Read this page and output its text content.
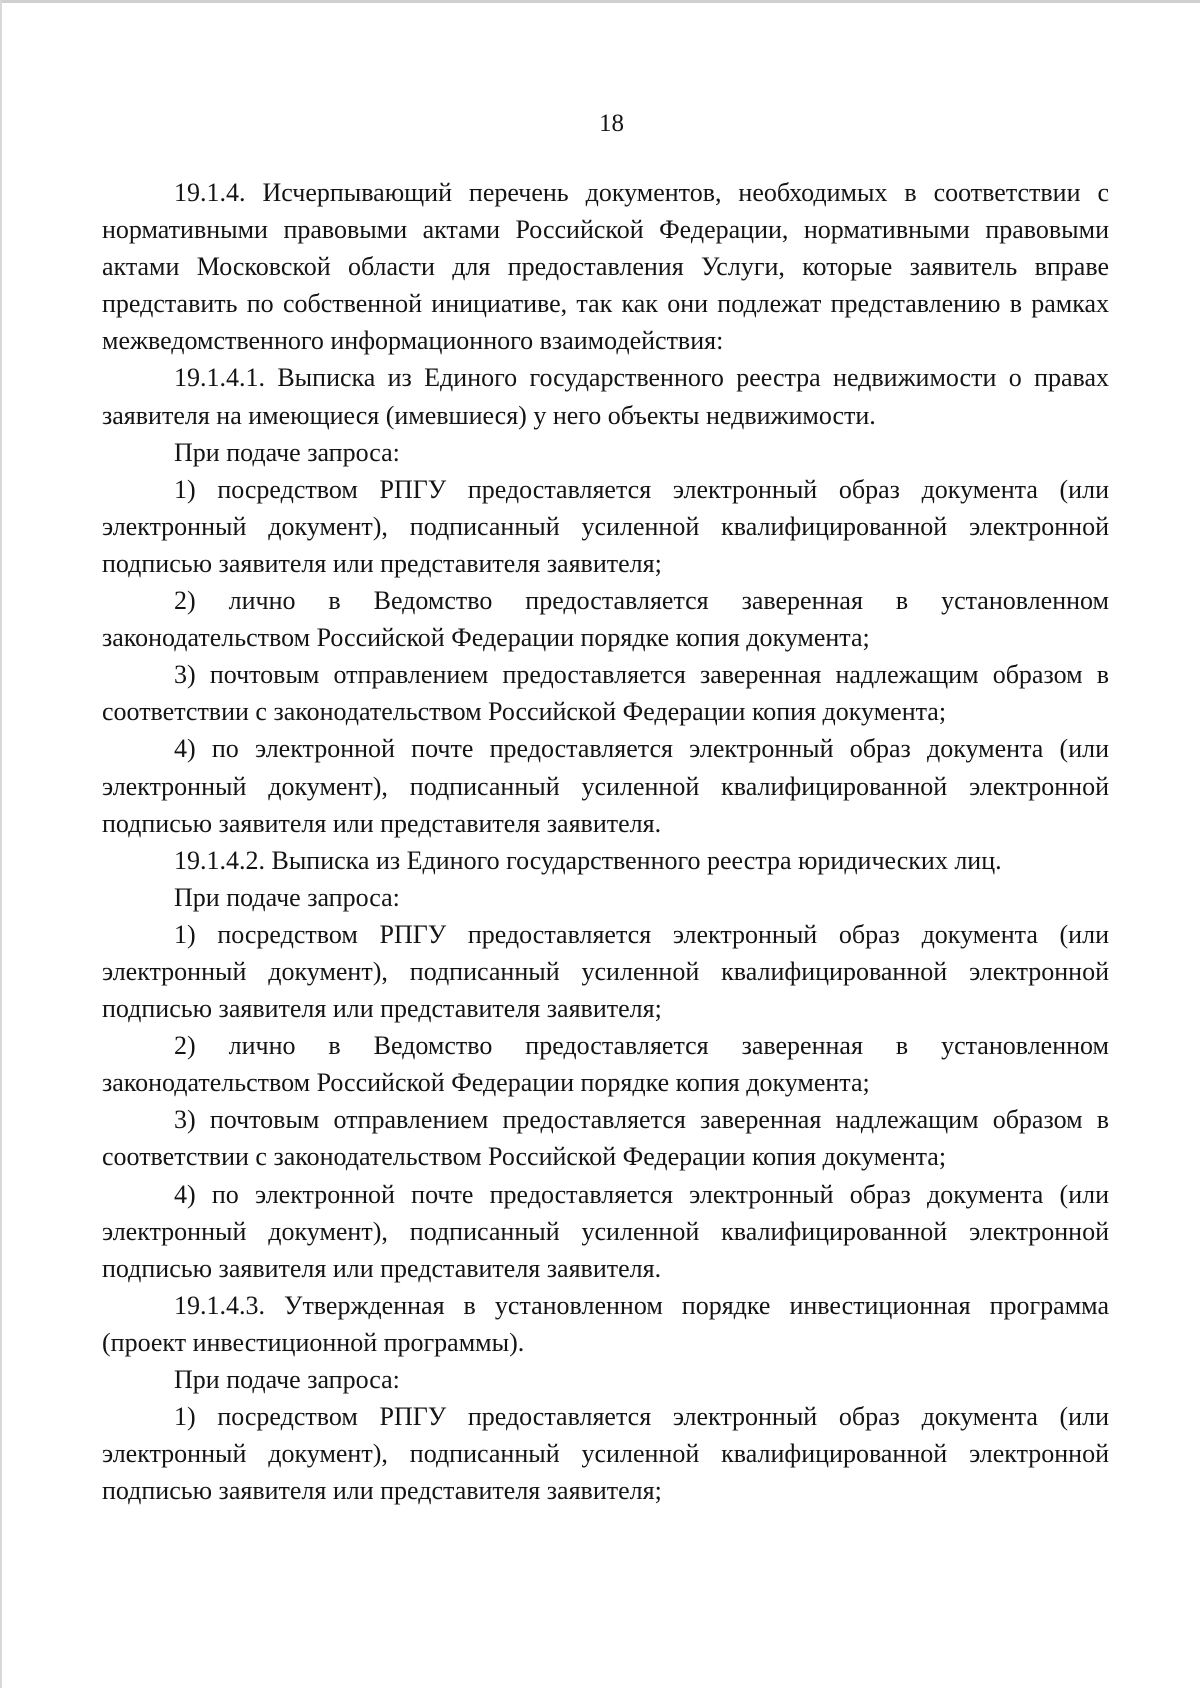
18

19.1.4. Исчерпывающий перечень документов, необходимых в соответствии с нормативными правовыми актами Российской Федерации, нормативными правовыми актами Московской области для предоставления Услуги, которые заявитель вправе представить по собственной инициативе, так как они подлежат представлению в рамках межведомственного информационного взаимодействия:

19.1.4.1. Выписка из Единого государственного реестра недвижимости о правах заявителя на имеющиеся (имевшиеся) у него объекты недвижимости.

При подаче запроса:

1) посредством РПГУ предоставляется электронный образ документа (или электронный документ), подписанный усиленной квалифицированной электронной подписью заявителя или представителя заявителя;

2) лично в Ведомство предоставляется заверенная в установленном законодательством Российской Федерации порядке копия документа;

3) почтовым отправлением предоставляется заверенная надлежащим образом в соответствии с законодательством Российской Федерации копия документа;

4) по электронной почте предоставляется электронный образ документа (или электронный документ), подписанный усиленной квалифицированной электронной подписью заявителя или представителя заявителя.

19.1.4.2. Выписка из Единого государственного реестра юридических лиц.

При подаче запроса:

1) посредством РПГУ предоставляется электронный образ документа (или электронный документ), подписанный усиленной квалифицированной электронной подписью заявителя или представителя заявителя;

2) лично в Ведомство предоставляется заверенная в установленном законодательством Российской Федерации порядке копия документа;

3) почтовым отправлением предоставляется заверенная надлежащим образом в соответствии с законодательством Российской Федерации копия документа;

4) по электронной почте предоставляется электронный образ документа (или электронный документ), подписанный усиленной квалифицированной электронной подписью заявителя или представителя заявителя.

19.1.4.3. Утвержденная в установленном порядке инвестиционная программа (проект инвестиционной программы).

При подаче запроса:

1) посредством РПГУ предоставляется электронный образ документа (или электронный документ), подписанный усиленной квалифицированной электронной подписью заявителя или представителя заявителя;
